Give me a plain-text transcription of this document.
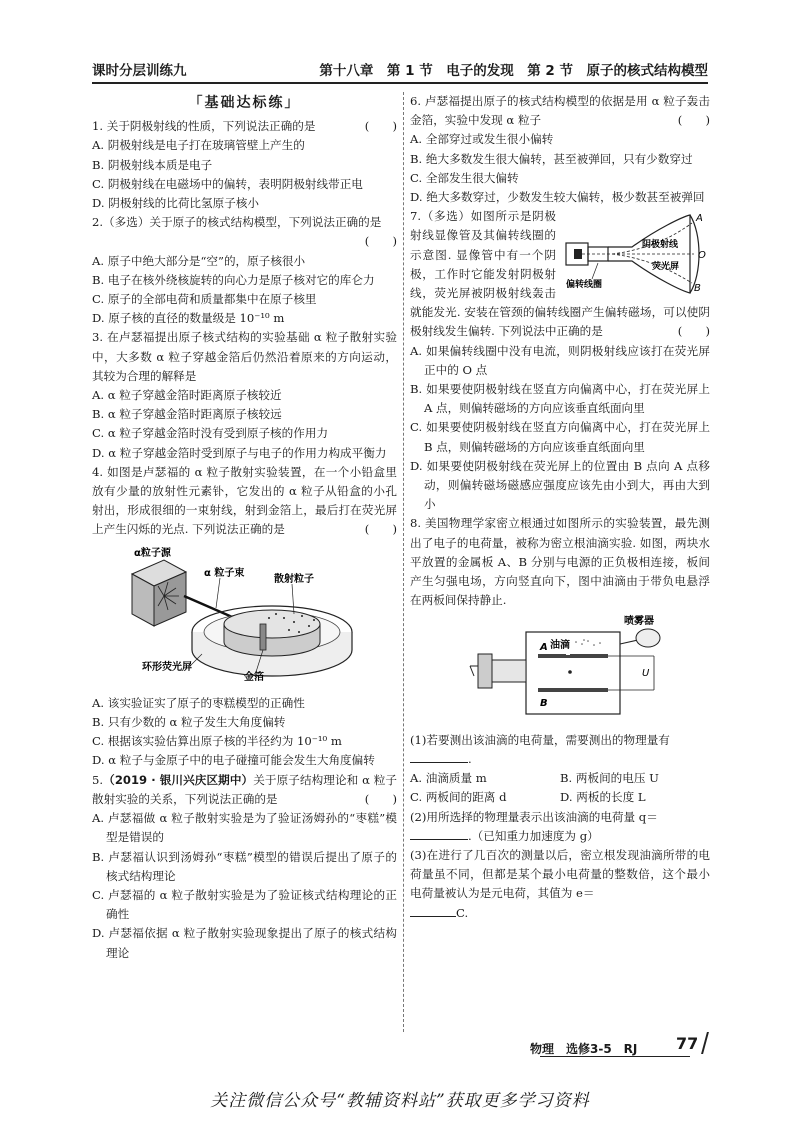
课时分层训练九	第十八章　第 1 节　电子的发现　第 2 节　原子的核式结构模型
「基础达标练」
1. 关于阴极射线的性质，下列说法正确的是	(　　)
A. 阴极射线是电子打在玻璃管壁上产生的
B. 阴极射线本质是电子
C. 阴极射线在电磁场中的偏转，表明阴极射线带正电
D. 阴极射线的比荷比氢原子核小
2.（多选）关于原子的核式结构模型，下列说法正确的是

(　　)

A. 原子中绝大部分是“空”的，原子核很小
B. 电子在核外绕核旋转的向心力是原子核对它的库仑力
C. 原子的全部电荷和质量都集中在原子核里
D. 原子核的直径的数量级是 10⁻¹⁰ m
3. 在卢瑟福提出原子核式结构的实验基础 α 粒子散射实验中，大多数 α 粒子穿越金箔后仍然沿着原来的方向运动，其较为合理的解释是
A. α 粒子穿越金箔时距离原子核较近
B. α 粒子穿越金箔时距离原子核较远
C. α 粒子穿越金箔时没有受到原子核的作用力
D. α 粒子穿越金箔时受到原子与电子的作用力构成平衡力
4. 如图是卢瑟福的 α 粒子散射实验装置，在一个小铅盒里放有少量的放射性元素钋，它发出的 α 粒子从铅盒的小孔射出，形成很细的一束射线，射到金箔上，最后打在荧光屏上产生闪烁的光点. 下列说法正确的是	(　　)
α粒子源
α 粒子束
散射粒子
环形荧光屏
金箔
A. 该实验证实了原子的枣糕模型的正确性
B. 只有少数的 α 粒子发生大角度偏转
C. 根据该实验估算出原子核的半径约为 10⁻¹⁰ m
D. α 粒子与金原子中的电子碰撞可能会发生大角度偏转
5.（2019 · 银川兴庆区期中）关于原子结构理论和 α 粒子散射实验的关系，下列说法正确的是	(　　)
A. 卢瑟福做 α 粒子散射实验是为了验证汤姆孙的“枣糕”模型是错误的
B. 卢瑟福认识到汤姆孙“枣糕”模型的错误后提出了原子的核式结构理论
C. 卢瑟福的 α 粒子散射实验是为了验证核式结构理论的正确性
D. 卢瑟福依据 α 粒子散射实验现象提出了原子的核式结构理论
6. 卢瑟福提出原子的核式结构模型的依据是用 α 粒子轰击金箔，实验中发现 α 粒子	(　　)
A. 全部穿过或发生很小偏转
B. 绝大多数发生很大偏转，甚至被弹回，只有少数穿过
C. 全部发生很大偏转
D. 绝大多数穿过，少数发生较大偏转，极少数甚至被弹回
A
O
B
阴极射线
荧光屏
偏转线圈
7.（多选）如图所示是阴极射线显像管及其偏转线圈的示意图. 显像管中有一个阴极，工作时它能发射阴极射线，荧光屏被阴极射线轰击就能发光. 安装在管颈的偏转线圈产生偏转磁场，可以使阴极射线发生偏转. 下列说法中正确的是	(　　)
A. 如果偏转线圈中没有电流，则阴极射线应该打在荧光屏正中的 O 点
B. 如果要使阴极射线在竖直方向偏离中心，打在荧光屏上 A 点，则偏转磁场的方向应该垂直纸面向里
C. 如果要使阴极射线在竖直方向偏离中心，打在荧光屏上 B 点，则偏转磁场的方向应该垂直纸面向里
D. 如果要使阴极射线在荧光屏上的位置由 B 点向 A 点移动，则偏转磁场磁感应强度应该先由小到大，再由大到小
8. 美国物理学家密立根通过如图所示的实验装置，最先测出了电子的电荷量，被称为密立根油滴实验. 如图，两块水平放置的金属板 A、B 分别与电源的正负极相连接，板间产生匀强电场，方向竖直向下，图中油滴由于带负电悬浮在两板间保持静止.
A
B
油滴
喷雾器
U
(1)若要测出该油滴的电荷量，需要测出的物理量有
.
A. 油滴质量 m	B. 两板间的电压 U
C. 两板间的距离 d	D. 两板的长度 L
(2)用所选择的物理量表示出该油滴的电荷量 q＝
.（已知重力加速度为 g）
(3)在进行了几百次的测量以后，密立根发现油滴所带的电荷量虽不同，但都是某个最小电荷量的整数倍，这个最小电荷量被认为是元电荷，其值为 e＝
C.
物理　选修3-5　RJ 77
关注微信公众号“教辅资料站”获取更多学习资料
